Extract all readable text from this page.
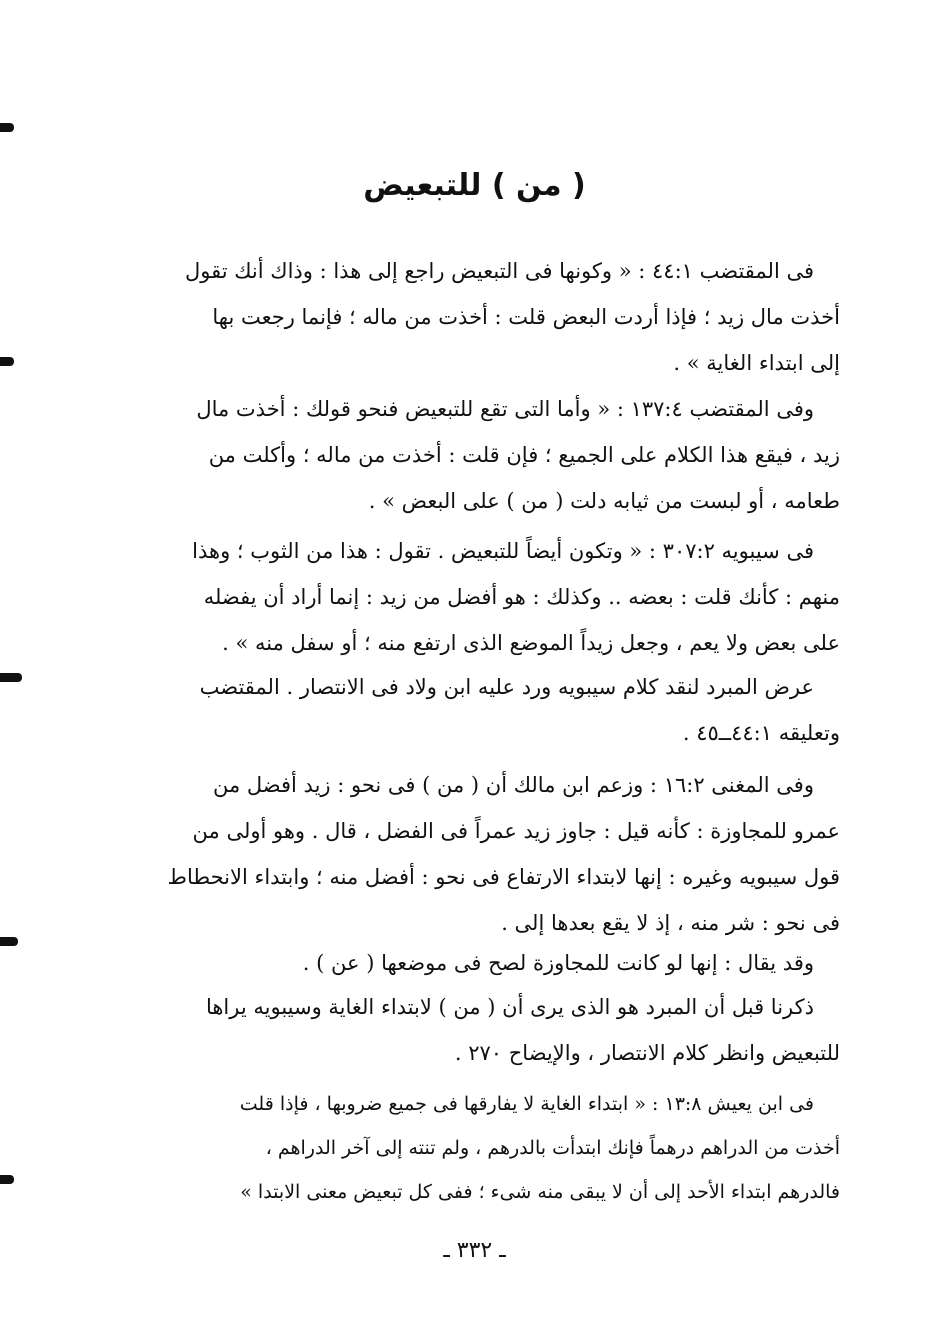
( من ) للتبعيض

فى المقتضب ٤٤:١ : « وكونها فى التبعيض راجع إلى هذا : وذاك أنك تقول

أخذت مال زيد ؛ فإذا أردت البعض قلت : أخذت من ماله ؛ فإنما رجعت بها

إلى ابتداء الغاية » .

وفى المقتضب ١٣٧:٤ : « وأما التى تقع للتبعيض فنحو قولك : أخذت مال

زيد ، فيقع هذا الكلام على الجميع ؛ فإن قلت : أخذت من ماله ؛ وأكلت من

طعامه ، أو لبست من ثيابه دلت ( من ) على البعض » .

فى سيبويه ٣٠٧:٢ : « وتكون أيضاً للتبعيض . تقول : هذا من الثوب ؛ وهذا

منهم : كأنك قلت : بعضه .. وكذلك : هو أفضل من زيد : إنما أراد أن يفضله

على بعض ولا يعم ، وجعل زيداً الموضع الذى ارتفع منه ؛ أو سفل منه » .

عرض المبرد لنقد كلام سيبويه ورد عليه ابن ولاد فى الانتصار . المقتضب

وتعليقه ٤٤:١ــ٤٥ .

وفى المغنى ١٦:٢ : وزعم ابن مالك أن ( من ) فى نحو : زيد أفضل من

عمرو للمجاوزة : كأنه قيل : جاوز زيد عمراً فى الفضل ، قال . وهو أولى من

قول سيبويه وغيره : إنها لابتداء الارتفاع فى نحو : أفضل منه ؛ وابتداء الانحطاط

فى نحو : شر منه ، إذ لا يقع بعدها إلى .

وقد يقال : إنها لو كانت للمجاوزة لصح فى موضعها ( عن ) .

ذكرنا قبل أن المبرد هو الذى يرى أن ( من ) لابتداء الغاية وسيبويه يراها

للتبعيض وانظر كلام الانتصار ، والإيضاح ٢٧٠ .

فى ابن يعيش ١٣:٨ : « ابتداء الغاية لا يفارقها فى جميع ضروبها ، فإذا قلت

أخذت من الدراهم درهماً فإنك ابتدأت بالدرهم ، ولم تنته إلى آخر الدراهم ،

فالدرهم ابتداء الأحد إلى أن لا يبقى منه شىء ؛ ففى كل تبعيض معنى الابتدا »

ـ ٣٣٢ ـ
